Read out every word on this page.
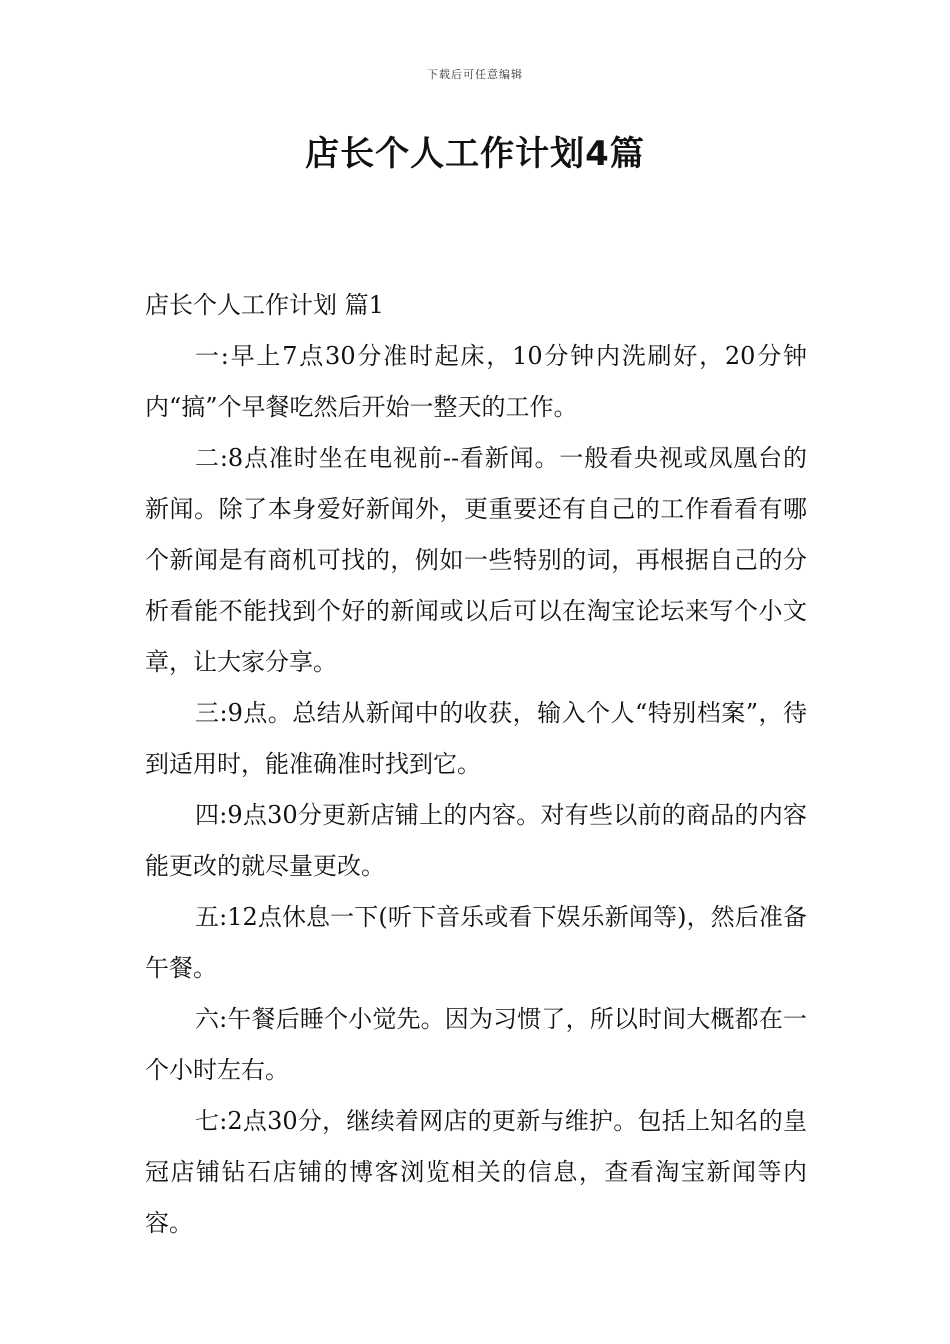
下载后可任意编辑
店长个人工作计划4篇

店长个人工作计划 篇1

一:早上7点30分准时起床，10分钟内洗刷好，20分钟内“搞”个早餐吃然后开始一整天的工作。

二:8点准时坐在电视前--看新闻。一般看央视或凤凰台的新闻。除了本身爱好新闻外，更重要还有自己的工作看看有哪个新闻是有商机可找的，例如一些特别的词，再根据自己的分析看能不能找到个好的新闻或以后可以在淘宝论坛来写个小文章，让大家分享。

三:9点。总结从新闻中的收获，输入个人“特别档案”，待到适用时，能准确准时找到它。

四:9点30分更新店铺上的内容。对有些以前的商品的内容能更改的就尽量更改。

五:12点休息一下(听下音乐或看下娱乐新闻等)，然后准备午餐。

六:午餐后睡个小觉先。因为习惯了，所以时间大概都在一个小时左右。

七:2点30分，继续着网店的更新与维护。包括上知名的皇冠店铺钻石店铺的博客浏览相关的信息，查看淘宝新闻等内容。
